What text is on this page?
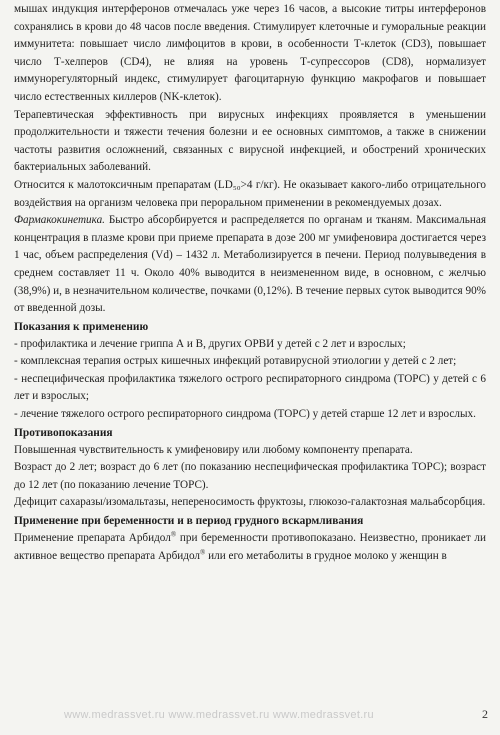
мышах индукция интерферонов отмечалась уже через 16 часов, а высокие титры интерферонов сохранялись в крови до 48 часов после введения. Стимулирует клеточные и гуморальные реакции иммунитета: повышает число лимфоцитов в крови, в особенности Т-клеток (CD3), повышает число Т-хелперов (CD4), не влияя на уровень Т-супрессоров (CD8), нормализует иммунорегуляторный индекс, стимулирует фагоцитарную функцию макрофагов и повышает число естественных киллеров (NK-клеток).

Терапевтическая эффективность при вирусных инфекциях проявляется в уменьшении продолжительности и тяжести течения болезни и ее основных симптомов, а также в снижении частоты развития осложнений, связанных с вирусной инфекцией, и обострений хронических бактериальных заболеваний.

Относится к малотоксичным препаратам (LD₅₀>4 г/кг). Не оказывает какого-либо отрицательного воздействия на организм человека при пероральном применении в рекомендуемых дозах.

Фармакокинетика. Быстро абсорбируется и распределяется по органам и тканям. Максимальная концентрация в плазме крови при приеме препарата в дозе 200 мг умифеновира достигается через 1 час, объем распределения (Vd) – 1432 л. Метаболизируется в печени. Период полувыведения в среднем составляет 11 ч. Около 40% выводится в неизмененном виде, в основном, с желчью (38,9%) и, в незначительном количестве, почками (0,12%). В течение первых суток выводится 90% от введенной дозы.

Показания к применению

- профилактика и лечение гриппа А и В, других ОРВИ у детей с 2 лет и взрослых;

- комплексная терапия острых кишечных инфекций ротавирусной этиологии у детей с 2 лет;

- неспецифическая профилактика тяжелого острого респираторного синдрома (ТОРС) у детей с 6 лет и взрослых;

- лечение тяжелого острого респираторного синдрома (ТОРС) у детей старше 12 лет и взрослых.

Противопоказания

Повышенная чувствительность к умифеновиру или любому компоненту препарата.

Возраст до 2 лет; возраст до 6 лет (по показанию неспецифическая профилактика ТОРС); возраст до 12 лет (по показанию лечение ТОРС).

Дефицит сахаразы/изомальтазы, непереносимость фруктозы, глюкозо-галактозная мальабсорбция.

Применение при беременности и в период грудного вскармливания

Применение препарата Арбидол® при беременности противопоказано. Неизвестно, проникает ли активное вещество препарата Арбидол® или его метаболиты в грудное молоко у женщин в

www.medrassvet.ru www.medrassvet.ru www.medrassvet.ru	2
